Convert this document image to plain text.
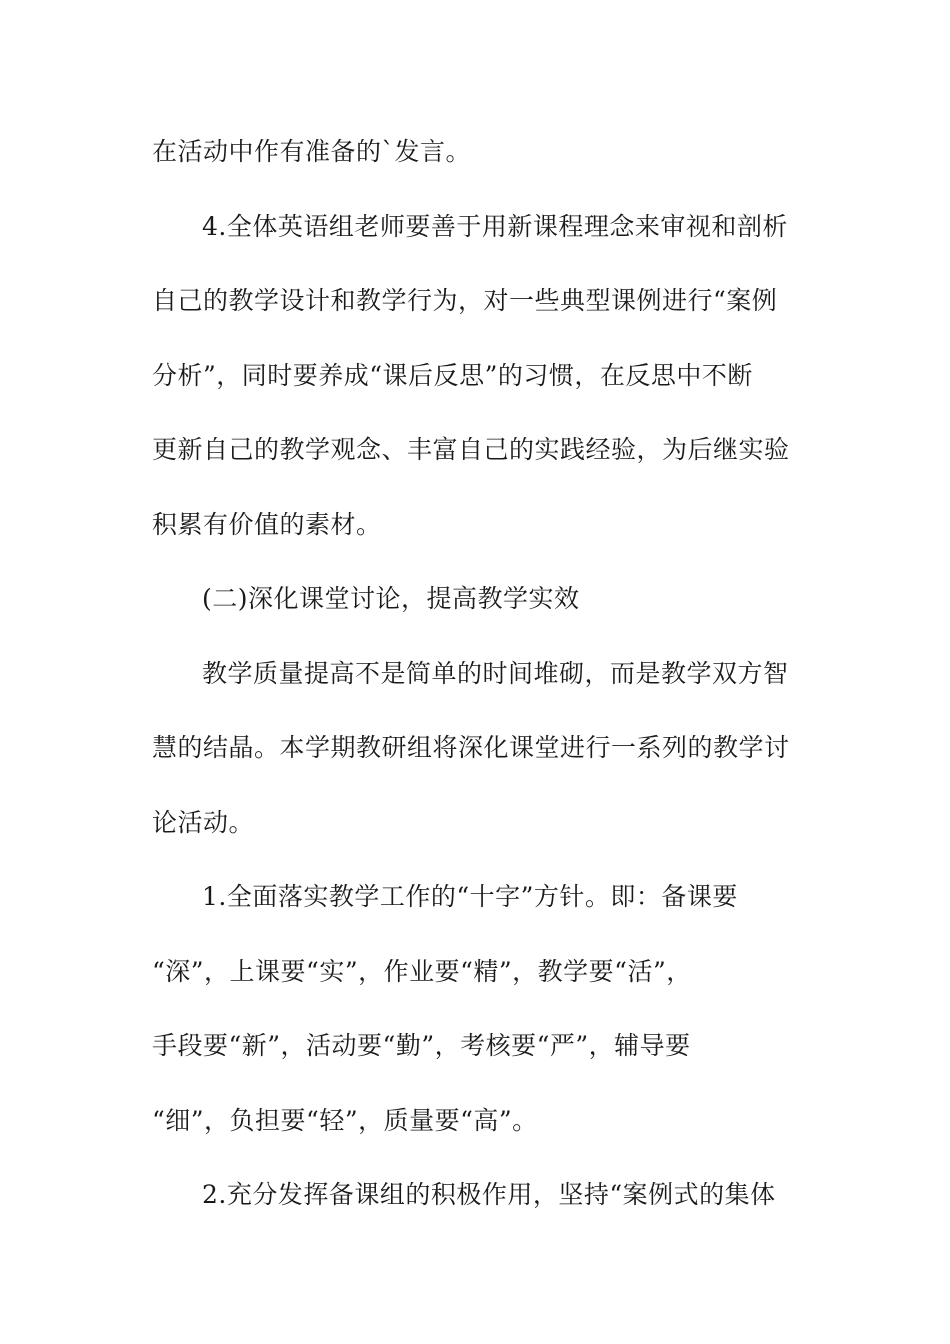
在活动中作有准备的`发言。
4.全体英语组老师要善于用新课程理念来审视和剖析
自己的教学设计和教学行为，对一些典型课例进行“案例
分析”，同时要养成“课后反思”的习惯，在反思中不断
更新自己的教学观念、丰富自己的实践经验，为后继实验
积累有价值的素材。
(二)深化课堂讨论，提高教学实效
教学质量提高不是简单的时间堆砌，而是教学双方智
慧的结晶。本学期教研组将深化课堂进行一系列的教学讨
论活动。
1.全面落实教学工作的“十字”方针。即：备课要
“深”，上课要“实”，作业要“精”，教学要“活”，
手段要“新”，活动要“勤”，考核要“严”，辅导要
“细”，负担要“轻”，质量要“高”。
2.充分发挥备课组的积极作用，坚持“案例式的集体
